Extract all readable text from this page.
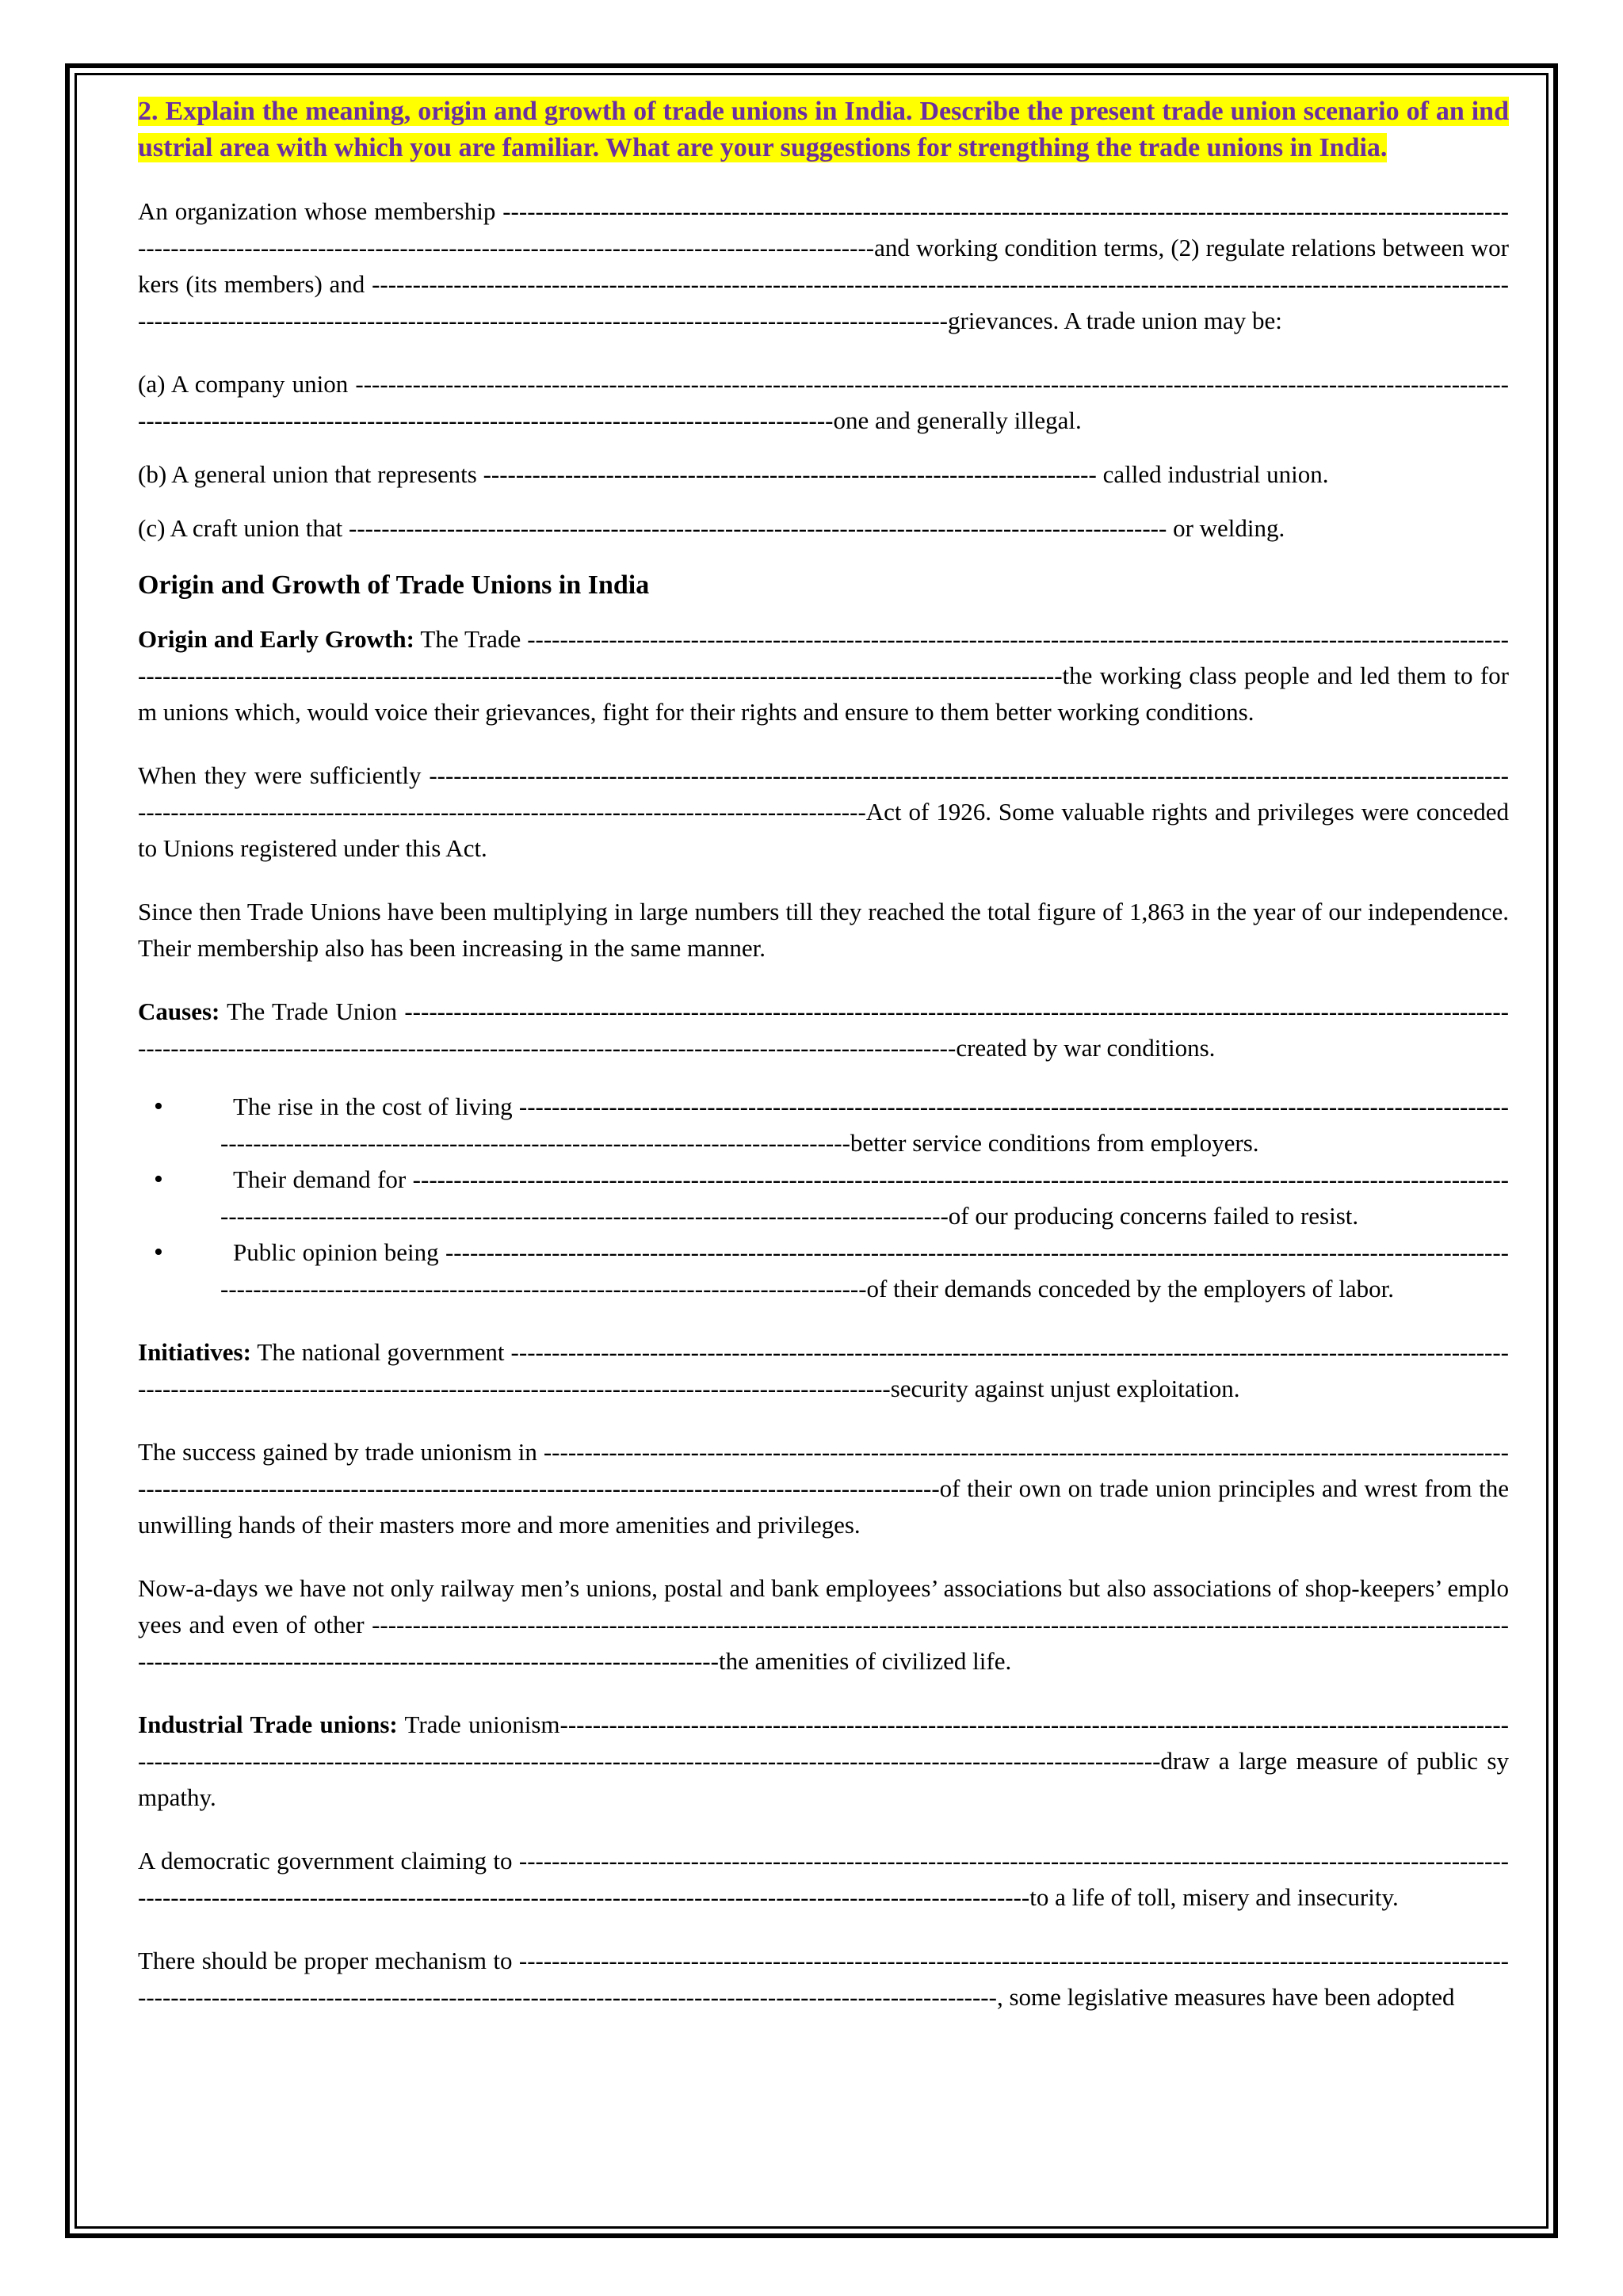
2. Explain the meaning, origin and growth of trade unions in India. Describe the present trade union scenario of an industrial area with which you are familiar. What are your suggestions for strengthing the trade unions in India.

An organization whose membership ---------------------------------------------------------------------------------------------------------------------------------------------------------------------------------------------------------------------and working condition terms, (2) regulate relations between workers (its members) and ----------------------------------------------------------------------------------------------------------------------------------------------------------------------------------------------------------------------------------------------grievances. A trade union may be:

(a) A company union ----------------------------------------------------------------------------------------------------------------------------------------------------------------------------------------------------------------------------------one and generally illegal.

(b) A general union that represents --------------------------------------------------------------------------- called industrial union.

(c) A craft union that ---------------------------------------------------------------------------------------------------- or welding.

Origin and Growth of Trade Unions in India

Origin and Early Growth: The Trade -----------------------------------------------------------------------------------------------------------------------------------------------------------------------------------------------------------------------------------------the working class people and led them to form unions which, would voice their grievances, fight for their rights and ensure to them better working conditions.

When they were sufficiently -----------------------------------------------------------------------------------------------------------------------------------------------------------------------------------------------------------------------------Act of 1926. Some valuable rights and privileges were conceded to Unions registered under this Act.

Since then Trade Unions have been multiplying in large numbers till they reached the total figure of 1,863 in the year of our independence. Their membership also has been increasing in the same manner.

Causes: The Trade Union -------------------------------------------------------------------------------------------------------------------------------------------------------------------------------------------------------------------------------------------created by war conditions.

• The rise in the cost of living ------------------------------------------------------------------------------------------------------------------------------------------------------------------------------------------------------better service conditions from employers.
• Their demand for -------------------------------------------------------------------------------------------------------------------------------------------------------------------------------------------------------------------------------of our producing concerns failed to resist.
• Public opinion being -----------------------------------------------------------------------------------------------------------------------------------------------------------------------------------------------------------------of their demands conceded by the employers of labor.

Initiatives: The national government ----------------------------------------------------------------------------------------------------------------------------------------------------------------------------------------------------------------------security against unjust exploitation.

The success gained by trade unionism in ------------------------------------------------------------------------------------------------------------------------------------------------------------------------------------------------------------------------of their own on trade union principles and wrest from the unwilling hands of their masters more and more amenities and privileges.

Now-a-days we have not only railway men’s unions, postal and bank employees’ associations but also associations of shop-keepers’ employees and even of other ------------------------------------------------------------------------------------------------------------------------------------------------------------------------------------------------------------------the amenities of civilized life.

Industrial Trade unions: Trade unionism-------------------------------------------------------------------------------------------------------------------------------------------------------------------------------------------------------------------------------------------------draw a large measure of public sympathy.

A democratic government claiming to --------------------------------------------------------------------------------------------------------------------------------------------------------------------------------------------------------------------------------------to a life of toll, misery and insecurity.

There should be proper mechanism to ----------------------------------------------------------------------------------------------------------------------------------------------------------------------------------------------------------------------------------, some legislative measures have been adopted
